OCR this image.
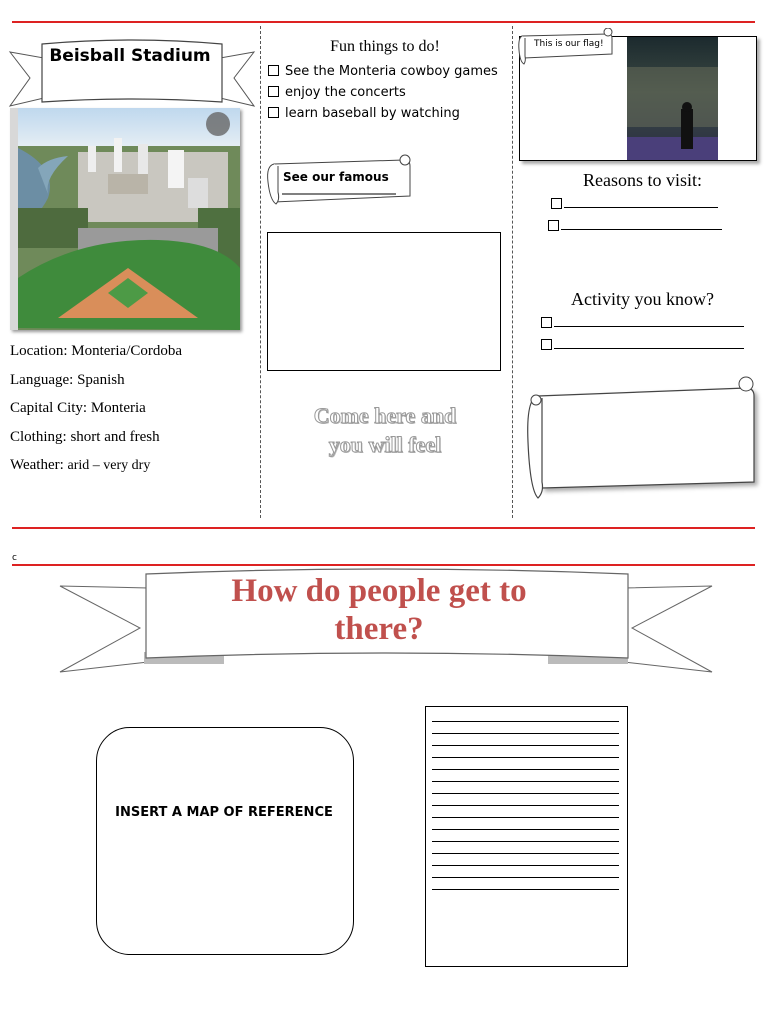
Beisball Stadium
Location: Monteria/Cordoba
Language: Spanish
Capital City: Monteria
Clothing: short and fresh
Weather: arid – very dry
Fun things to do!
See the Monteria cowboy games
enjoy the concerts
learn baseball by watching
See our famous
Come here and
you will feel
This is our flag!
Reasons to visit:
Activity you know?
c
How do people get to
there?
INSERT A MAP OF REFERENCE
